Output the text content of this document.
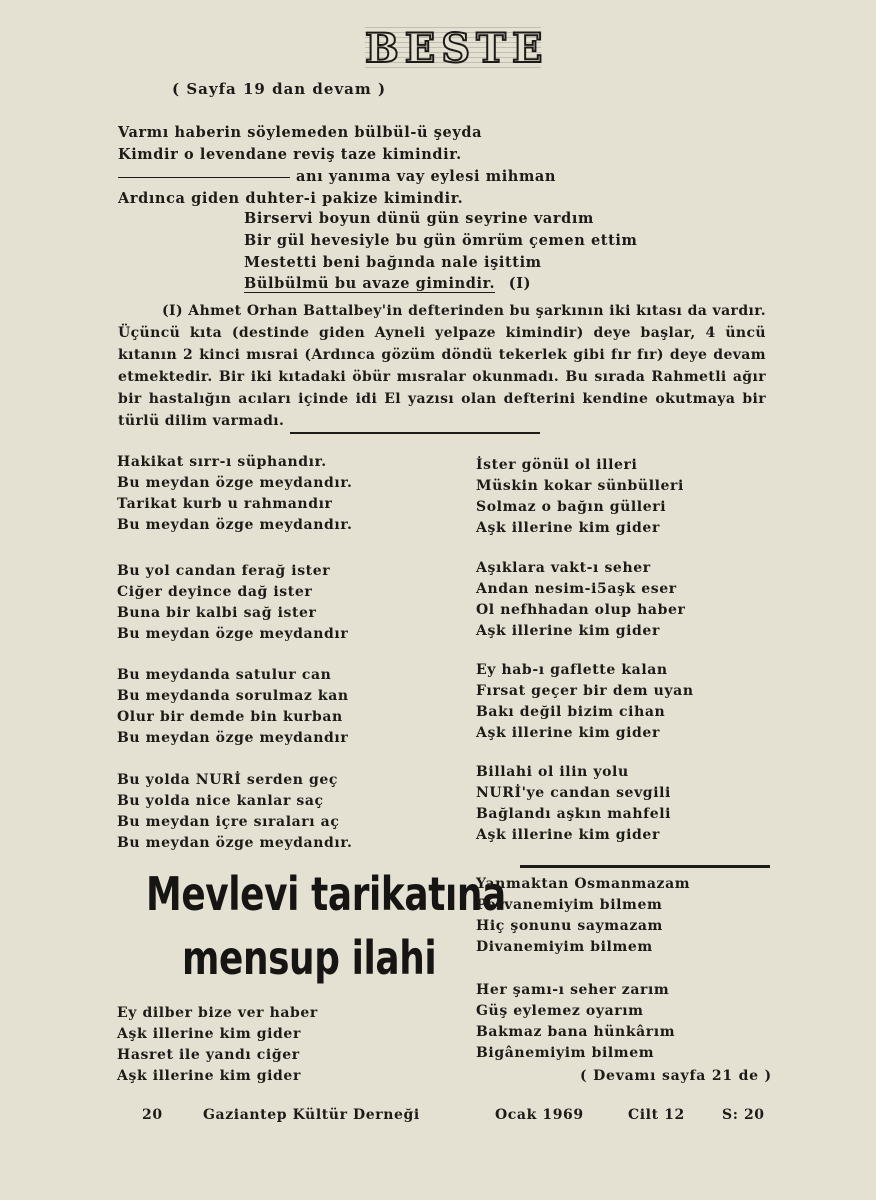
BESTE
( Sayfa 19 dan devam )
Varmı haberin söylemeden bülbül-ü şeyda
Kimdir o levendane reviş taze kimindir.
anı yanıma vay eylesi mihman
Ardınca giden duhter-i pakize kimindir.
Birservi boyun dünü gün seyrine vardım
Bir gül hevesiyle bu gün ömrüm çemen ettim
Mestetti beni bağında nale işittim
Bülbülmü bu avaze gimindir. (I)

(I) Ahmet Orhan Battalbey'in defterinden bu şarkının iki kıtası da vardır. Üçüncü kıta (destinde giden Ayneli yelpaze kimindir) deye başlar, 4 üncü kıtanın 2 kinci mısrai (Ardınca gözüm döndü tekerlek gibi fır fır) deye devam etmektedir. Bir iki kıtadaki öbür mısralar okunmadı. Bu sırada Rahmetli ağır bir hastalığın acıları içinde idi El yazısı olan defterini kendine okutmaya bir türlü dilim varmadı.

Hakikat sırr-ı süphandır.
Bu meydan özge meydandır.
Tarikat kurb u rahmandır
Bu meydan özge meydandır.
Bu yol candan ferağ ister
Ciğer deyince dağ ister
Buna bir kalbi sağ ister
Bu meydan özge meydandır
Bu meydanda satulur can
Bu meydanda sorulmaz kan
Olur bir demde bin kurban
Bu meydan özge meydandır
Bu yolda NURİ serden geç
Bu yolda nice kanlar saç
Bu meydan içre sıraları aç
Bu meydan özge meydandır.
Mevlevi tarikatına
mensup ilahi
Ey dilber bize ver haber
Aşk illerine kim gider
Hasret ile yandı ciğer
Aşk illerine kim gider
İster gönül ol illeri
Müskin kokar sünbülleri
Solmaz o bağın gülleri
Aşk illerine kim gider
Aşıklara vakt-ı seher
Andan nesim-i5aşk eser
Ol nefhhadan olup haber
Aşk illerine kim gider
Ey hab-ı gaflette kalan
Fırsat geçer bir dem uyan
Bakı değil bizim cihan
Aşk illerine kim gider
Billahi ol ilin yolu
NURİ'ye candan sevgili
Bağlandı aşkın mahfeli
Aşk illerine kim gider
Yanmaktan Osmanmazam
Pervanemiyim bilmem
Hiç şonunu saymazam
Divanemiyim bilmem
Her şamı-ı seher zarım
Güş eylemez oyarım
Bakmaz bana hünkârım
Bigânemiyim bilmem
( Devamı sayfa 21 de )
20	Gaziantep Kültür Derneği	Ocak 1969	Cilt 12	S: 20
